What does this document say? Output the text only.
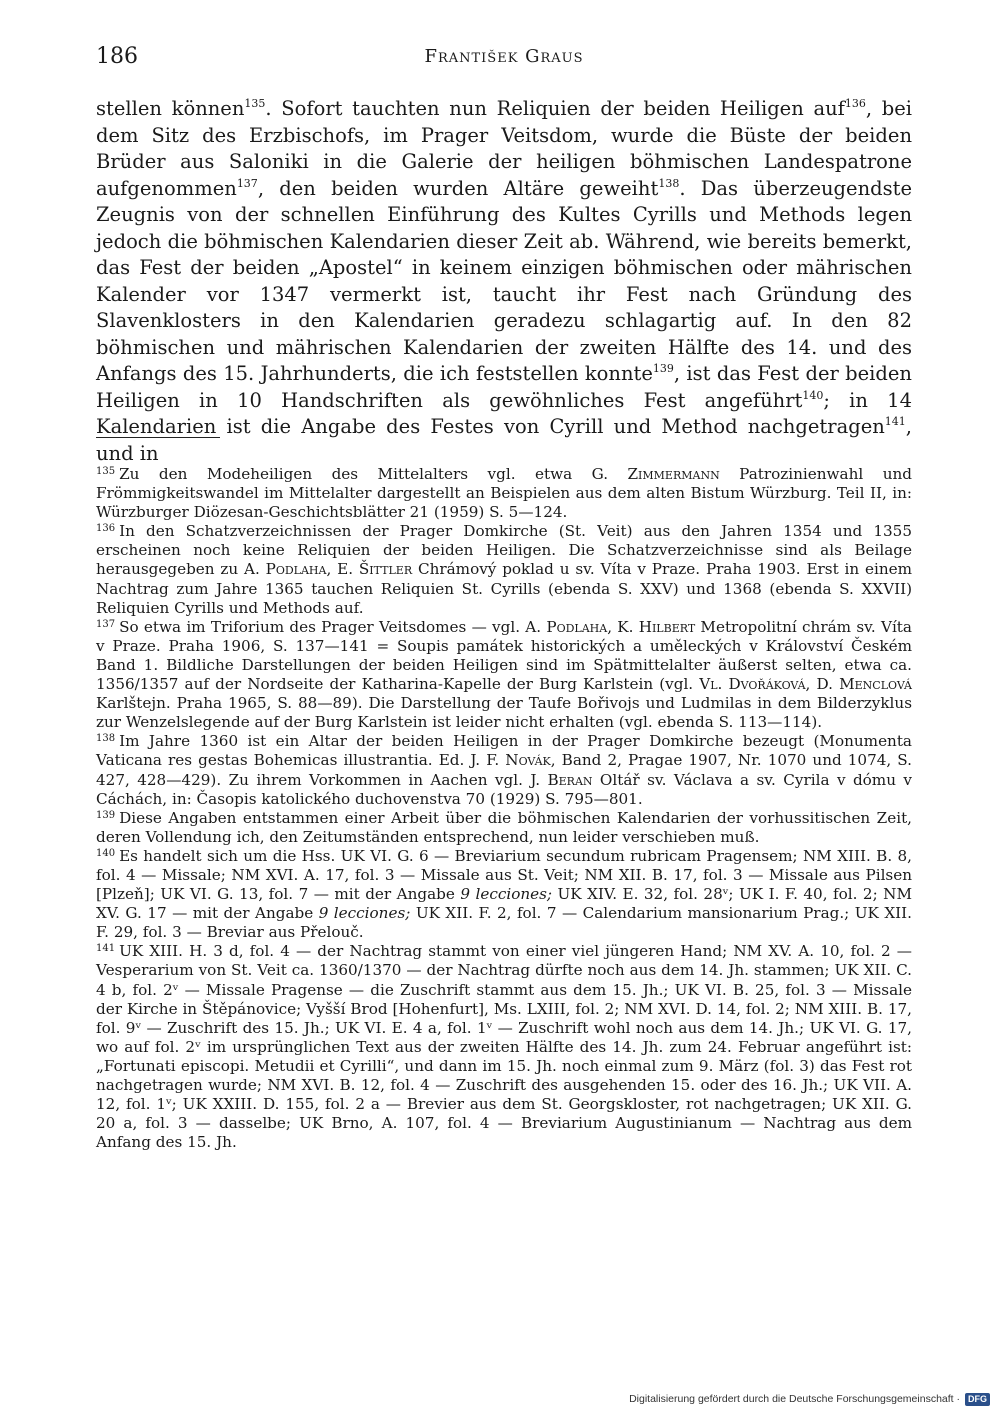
186	František Graus

stellen können$^{135}$. Sofort tauchten nun Reliquien der beiden Heiligen auf$^{136}$, bei dem Sitz des Erzbischofs, im Prager Veitsdom, wurde die Büste der beiden Brüder aus Saloniki in die Galerie der heiligen böhmischen Landespatrone aufgenommen$^{137}$, den beiden wurden Altäre geweiht$^{138}$. Das überzeugendste Zeugnis von der schnellen Einführung des Kultes Cyrills und Methods legen jedoch die böhmischen Kalendarien dieser Zeit ab. Während, wie bereits bemerkt, das Fest der beiden „Apostel“ in keinem einzigen böhmischen oder mährischen Kalender vor 1347 vermerkt ist, taucht ihr Fest nach Gründung des Slavenklosters in den Kalendarien geradezu schlagartig auf. In den 82 böhmischen und mährischen Kalendarien der zweiten Hälfte des 14. und des Anfangs des 15. Jahrhunderts, die ich feststellen konnte$^{139}$, ist das Fest der beiden Heiligen in 10 Handschriften als gewöhnliches Fest angeführt$^{140}$; in 14 Kalendarien ist die Angabe des Festes von Cyrill und Method nachgetragen$^{141}$, und in

$^{135}$ Zu den Modeheiligen des Mittelalters vgl. etwa G. Zimmermann Patrozinienwahl und Frömmigkeitswandel im Mittelalter dargestellt an Beispielen aus dem alten Bistum Würzburg. Teil II, in: Würzburger Diözesan-Geschichtsblätter 21 (1959) S. 5—124.

$^{136}$ In den Schatzverzeichnissen der Prager Domkirche (St. Veit) aus den Jahren 1354 und 1355 erscheinen noch keine Reliquien der beiden Heiligen. Die Schatzverzeichnisse sind als Beilage herausgegeben zu A. Podlaha, E. Šittler Chrámový poklad u sv. Víta v Praze. Praha 1903. Erst in einem Nachtrag zum Jahre 1365 tauchen Reliquien St. Cyrills (ebenda S. XXV) und 1368 (ebenda S. XXVII) Reliquien Cyrills und Methods auf.

$^{137}$ So etwa im Triforium des Prager Veitsdomes — vgl. A. Podlaha, K. Hilbert Metropolitní chrám sv. Víta v Praze. Praha 1906, S. 137—141 = Soupis památek historických a uměleckých v Království Českém Band 1. Bildliche Darstellungen der beiden Heiligen sind im Spätmittelalter äußerst selten, etwa ca. 1356/1357 auf der Nordseite der Katharina-Kapelle der Burg Karlstein (vgl. Vl. Dvořáková, D. Menclová Karlštejn. Praha 1965, S. 88—89). Die Darstellung der Taufe Bořivojs und Ludmilas in dem Bilderzyklus zur Wenzelslegende auf der Burg Karlstein ist leider nicht erhalten (vgl. ebenda S. 113—114).

$^{138}$ Im Jahre 1360 ist ein Altar der beiden Heiligen in der Prager Domkirche bezeugt (Monumenta Vaticana res gestas Bohemicas illustrantia. Ed. J. F. Novák, Band 2, Pragae 1907, Nr. 1070 und 1074, S. 427, 428—429). Zu ihrem Vorkommen in Aachen vgl. J. Beran Oltář sv. Václava a sv. Cyrila v dómu v Cáchách, in: Časopis katolického duchovenstva 70 (1929) S. 795—801.

$^{139}$ Diese Angaben entstammen einer Arbeit über die böhmischen Kalendarien der vorhussitischen Zeit, deren Vollendung ich, den Zeitumständen entsprechend, nun leider verschieben muß.

$^{140}$ Es handelt sich um die Hss. UK VI. G. 6 — Breviarium secundum rubricam Pragensem; NM XIII. B. 8, fol. 4 — Missale; NM XVI. A. 17, fol. 3 — Missale aus St. Veit; NM XII. B. 17, fol. 3 — Missale aus Pilsen [Plzeň]; UK VI. G. 13, fol. 7 — mit der Angabe 9 lecciones; UK XIV. E. 32, fol. 28ᵛ; UK I. F. 40, fol. 2; NM XV. G. 17 — mit der Angabe 9 lecciones; UK XII. F. 2, fol. 7 — Calendarium mansionarium Prag.; UK XII. F. 29, fol. 3 — Breviar aus Přelouč.

$^{141}$ UK XIII. H. 3 d, fol. 4 — der Nachtrag stammt von einer viel jüngeren Hand; NM XV. A. 10, fol. 2 — Vesperarium von St. Veit ca. 1360/1370 — der Nachtrag dürfte noch aus dem 14. Jh. stammen; UK XII. C. 4 b, fol. 2ᵛ — Missale Pragense — die Zuschrift stammt aus dem 15. Jh.; UK VI. B. 25, fol. 3 — Missale der Kirche in Štěpánovice; Vyšší Brod [Hohenfurt], Ms. LXIII, fol. 2; NM XVI. D. 14, fol. 2; NM XIII. B. 17, fol. 9ᵛ — Zuschrift des 15. Jh.; UK VI. E. 4 a, fol. 1ᵛ — Zuschrift wohl noch aus dem 14. Jh.; UK VI. G. 17, wo auf fol. 2ᵛ im ursprünglichen Text aus der zweiten Hälfte des 14. Jh. zum 24. Februar angeführt ist: „Fortunati episcopi. Metudii et Cyrilli“, und dann im 15. Jh. noch einmal zum 9. März (fol. 3) das Fest rot nachgetragen wurde; NM XVI. B. 12, fol. 4 — Zuschrift des ausgehenden 15. oder des 16. Jh.; UK VII. A. 12, fol. 1ᵛ; UK XXIII. D. 155, fol. 2 a — Brevier aus dem St. Georgskloster, rot nachgetragen; UK XII. G. 20 a, fol. 3 — dasselbe; UK Brno, A. 107, fol. 4 — Breviarium Augustinianum — Nachtrag aus dem Anfang des 15. Jh.

Digitalisierung gefördert durch die Deutsche Forschungsgemeinschaft · DFG
